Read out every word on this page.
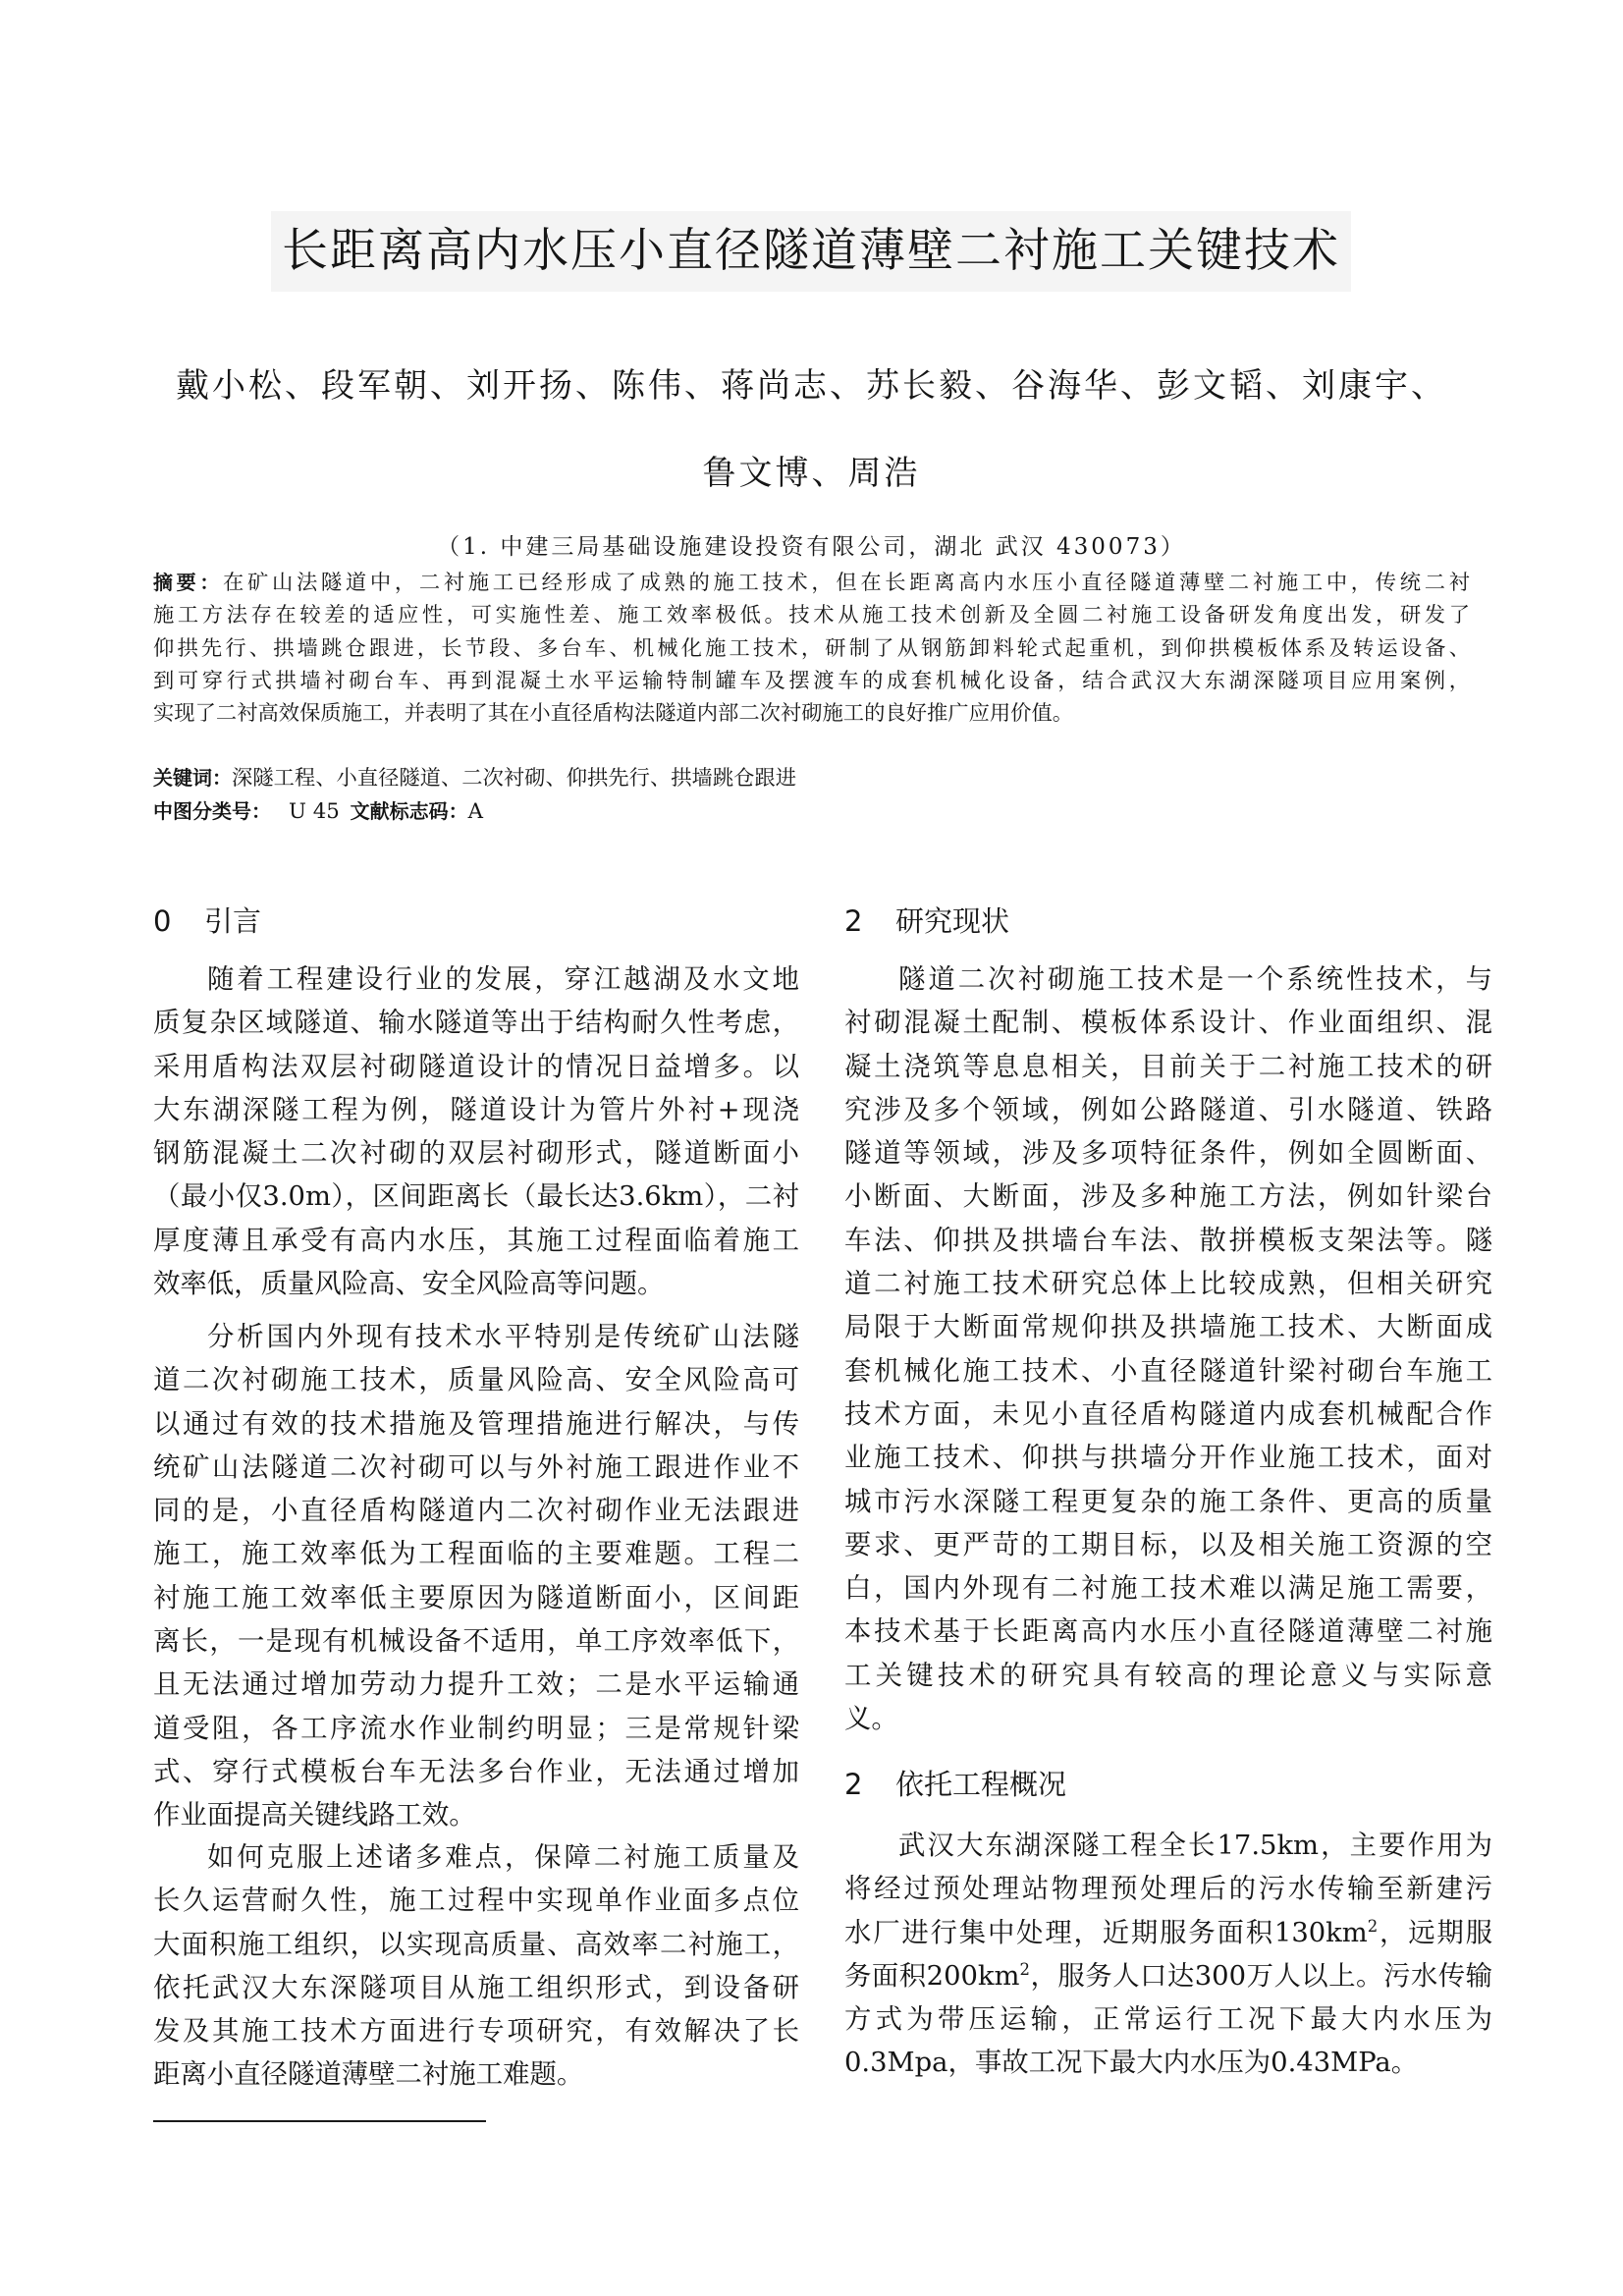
长距离高内水压小直径隧道薄壁二衬施工关键技术
戴小松、段军朝、刘开扬、陈伟、蒋尚志、苏长毅、谷海华、彭文韬、刘康宇、
鲁文博、周浩
（1. 中建三局基础设施建设投资有限公司，湖北 武汉 430073）
摘要：在矿山法隧道中，二衬施工已经形成了成熟的施工技术，但在长距离高内水压小直径隧道薄壁二衬施工中，传统二衬
施工方法存在较差的适应性，可实施性差、施工效率极低。技术从施工技术创新及全圆二衬施工设备研发角度出发，研发了
仰拱先行、拱墙跳仓跟进，长节段、多台车、机械化施工技术，研制了从钢筋卸料轮式起重机，到仰拱模板体系及转运设备、
到可穿行式拱墙衬砌台车、再到混凝土水平运输特制罐车及摆渡车的成套机械化设备，结合武汉大东湖深隧项目应用案例，
实现了二衬高效保质施工，并表明了其在小直径盾构法隧道内部二次衬砌施工的良好推广应用价值。
关键词：深隧工程、小直径隧道、二次衬砌、仰拱先行、拱墙跳仓跟进
中图分类号： U 45 文献标志码：A
0 引言
随着工程建设行业的发展，穿江越湖及水文地
质复杂区域隧道、输水隧道等出于结构耐久性考虑，
采用盾构法双层衬砌隧道设计的情况日益增多。以
大东湖深隧工程为例，隧道设计为管片外衬+现浇
钢筋混凝土二次衬砌的双层衬砌形式，隧道断面小
（最小仅3.0m），区间距离长（最长达3.6km），二衬
厚度薄且承受有高内水压，其施工过程面临着施工
效率低，质量风险高、安全风险高等问题。
分析国内外现有技术水平特别是传统矿山法隧
道二次衬砌施工技术，质量风险高、安全风险高可
以通过有效的技术措施及管理措施进行解决，与传
统矿山法隧道二次衬砌可以与外衬施工跟进作业不
同的是，小直径盾构隧道内二次衬砌作业无法跟进
施工，施工效率低为工程面临的主要难题。工程二
衬施工施工效率低主要原因为隧道断面小，区间距
离长，一是现有机械设备不适用，单工序效率低下，
且无法通过增加劳动力提升工效；二是水平运输通
道受阻，各工序流水作业制约明显；三是常规针梁
式、穿行式模板台车无法多台作业，无法通过增加
作业面提高关键线路工效。
如何克服上述诸多难点，保障二衬施工质量及
长久运营耐久性，施工过程中实现单作业面多点位
大面积施工组织，以实现高质量、高效率二衬施工，
依托武汉大东深隧项目从施工组织形式，到设备研
发及其施工技术方面进行专项研究，有效解决了长
距离小直径隧道薄壁二衬施工难题。
2 研究现状
隧道二次衬砌施工技术是一个系统性技术，与
衬砌混凝土配制、模板体系设计、作业面组织、混
凝土浇筑等息息相关，目前关于二衬施工技术的研
究涉及多个领域，例如公路隧道、引水隧道、铁路
隧道等领域，涉及多项特征条件，例如全圆断面、
小断面、大断面，涉及多种施工方法，例如针梁台
车法、仰拱及拱墙台车法、散拼模板支架法等。隧
道二衬施工技术研究总体上比较成熟，但相关研究
局限于大断面常规仰拱及拱墙施工技术、大断面成
套机械化施工技术、小直径隧道针梁衬砌台车施工
技术方面，未见小直径盾构隧道内成套机械配合作
业施工技术、仰拱与拱墙分开作业施工技术，面对
城市污水深隧工程更复杂的施工条件、更高的质量
要求、更严苛的工期目标，以及相关施工资源的空
白，国内外现有二衬施工技术难以满足施工需要，
本技术基于长距离高内水压小直径隧道薄壁二衬施
工关键技术的研究具有较高的理论意义与实际意
义。
2 依托工程概况
武汉大东湖深隧工程全长17.5km，主要作用为
将经过预处理站物理预处理后的污水传输至新建污
水厂进行集中处理，近期服务面积$130km^2$，远期服
务面积$200km^2$，服务人口达300万人以上。污水传输
方式为带压运输，正常运行工况下最大内水压为
0.3Mpa，事故工况下最大内水压为0.43MPa。
